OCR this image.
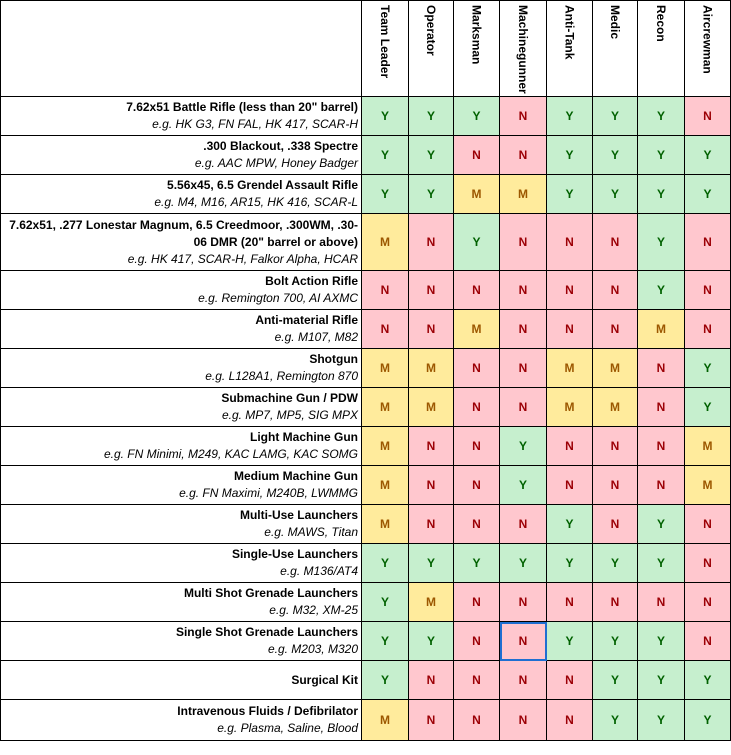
	Team Leader	Operator	Marksman	Machinegunner	Anti-Tank	Medic	Recon	Aircrewman

7.62x51 Battle Rifle (less than 20" barrel)
e.g. HK G3, FN FAL, HK 417, SCAR-H	Y	Y	Y	N	Y	Y	Y	N

.300 Blackout, .338 Spectre
e.g. AAC MPW, Honey Badger	Y	Y	N	N	Y	Y	Y	Y

5.56x45, 6.5 Grendel Assault Rifle
e.g. M4, M16, AR15, HK 416, SCAR-L	Y	Y	M	M	Y	Y	Y	Y

7.62x51, .277 Lonestar Magnum, 6.5 Creedmoor, .300WM, .30-06 DMR (20" barrel or above)
e.g. HK 417, SCAR-H, Falkor Alpha, HCAR	M	N	Y	N	N	N	Y	N

Bolt Action Rifle
e.g. Remington 700, AI AXMC	N	N	N	N	N	N	Y	N

Anti-material Rifle
e.g. M107, M82	N	N	M	N	N	N	M	N

Shotgun
e.g. L128A1, Remington 870	M	M	N	N	M	M	N	Y

Submachine Gun / PDW
e.g. MP7, MP5, SIG MPX	M	M	N	N	M	M	N	Y

Light Machine Gun
e.g. FN Minimi, M249, KAC LAMG, KAC SOMG	M	N	N	Y	N	N	N	M

Medium Machine Gun
e.g. FN Maximi, M240B, LWMMG	M	N	N	Y	N	N	N	M

Multi-Use Launchers
e.g. MAWS, Titan	M	N	N	N	Y	N	Y	N

Single-Use Launchers
e.g. M136/AT4	Y	Y	Y	Y	Y	Y	Y	N

Multi Shot Grenade Launchers
e.g. M32, XM-25	Y	M	N	N	N	N	N	N

Single Shot Grenade Launchers
e.g. M203, M320	Y	Y	N	N	Y	Y	Y	N

Surgical Kit	Y	N	N	N	N	Y	Y	Y

Intravenous Fluids / Defibrilator
e.g. Plasma, Saline, Blood	M	N	N	N	N	Y	Y	Y
